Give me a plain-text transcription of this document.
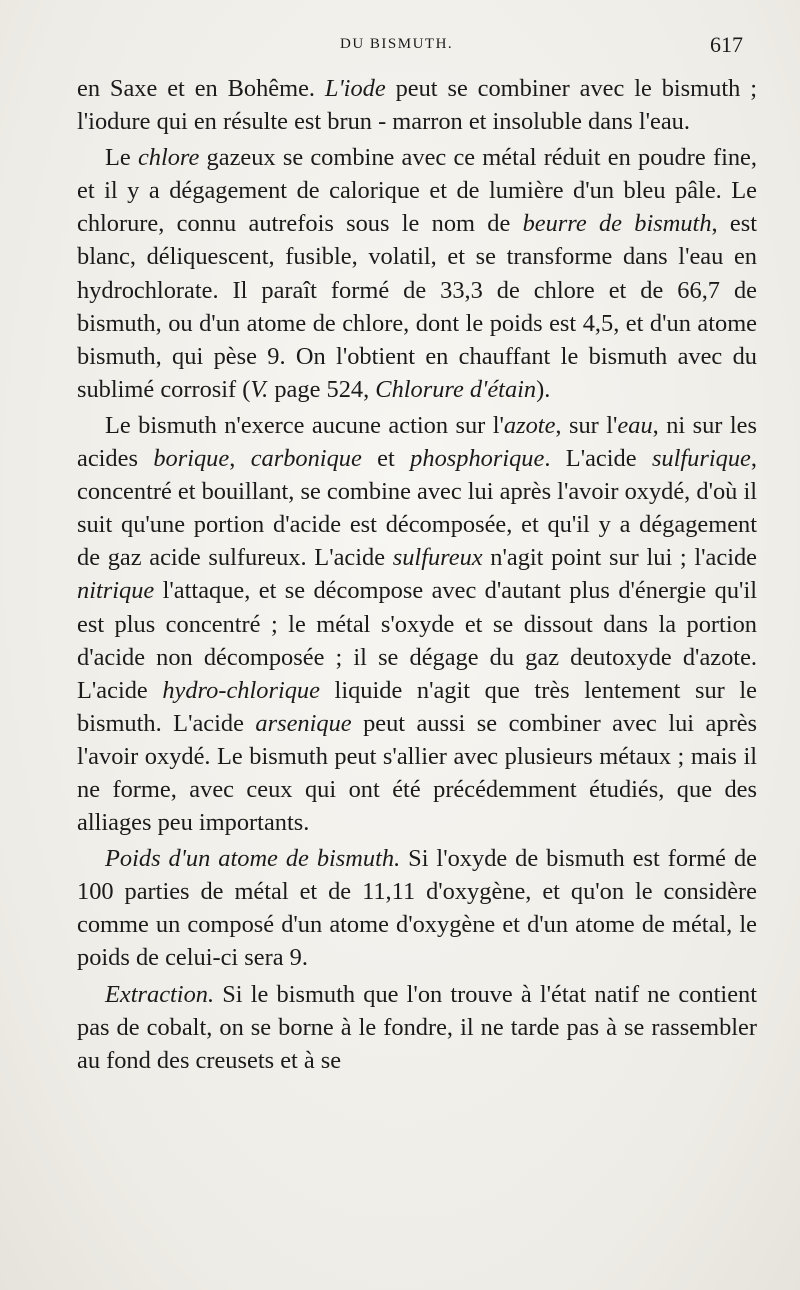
DU BISMUTH.	617

en Saxe et en Bohême. L'iode peut se combiner avec le bismuth ; l'iodure qui en résulte est brun - marron et insoluble dans l'eau.

Le chlore gazeux se combine avec ce métal réduit en poudre fine, et il y a dégagement de calorique et de lumière d'un bleu pâle. Le chlorure, connu autrefois sous le nom de beurre de bismuth, est blanc, déliquescent, fusible, volatil, et se transforme dans l'eau en hydrochlorate. Il paraît formé de 33,3 de chlore et de 66,7 de bismuth, ou d'un atome de chlore, dont le poids est 4,5, et d'un atome bismuth, qui pèse 9. On l'obtient en chauffant le bismuth avec du sublimé corrosif (V. page 524, Chlorure d'étain).

Le bismuth n'exerce aucune action sur l'azote, sur l'eau, ni sur les acides borique, carbonique et phosphorique. L'acide sulfurique, concentré et bouillant, se combine avec lui après l'avoir oxydé, d'où il suit qu'une portion d'acide est décomposée, et qu'il y a dégagement de gaz acide sulfureux. L'acide sulfureux n'agit point sur lui ; l'acide nitrique l'attaque, et se décompose avec d'autant plus d'énergie qu'il est plus concentré ; le métal s'oxyde et se dissout dans la portion d'acide non décomposée ; il se dégage du gaz deutoxyde d'azote. L'acide hydro-chlorique liquide n'agit que très lentement sur le bismuth. L'acide arsenique peut aussi se combiner avec lui après l'avoir oxydé. Le bismuth peut s'allier avec plusieurs métaux ; mais il ne forme, avec ceux qui ont été précédemment étudiés, que des alliages peu importants.

Poids d'un atome de bismuth. Si l'oxyde de bismuth est formé de 100 parties de métal et de 11,11 d'oxygène, et qu'on le considère comme un composé d'un atome d'oxygène et d'un atome de métal, le poids de celui-ci sera 9.

Extraction. Si le bismuth que l'on trouve à l'état natif ne contient pas de cobalt, on se borne à le fondre, il ne tarde pas à se rassembler au fond des creusets et à se
